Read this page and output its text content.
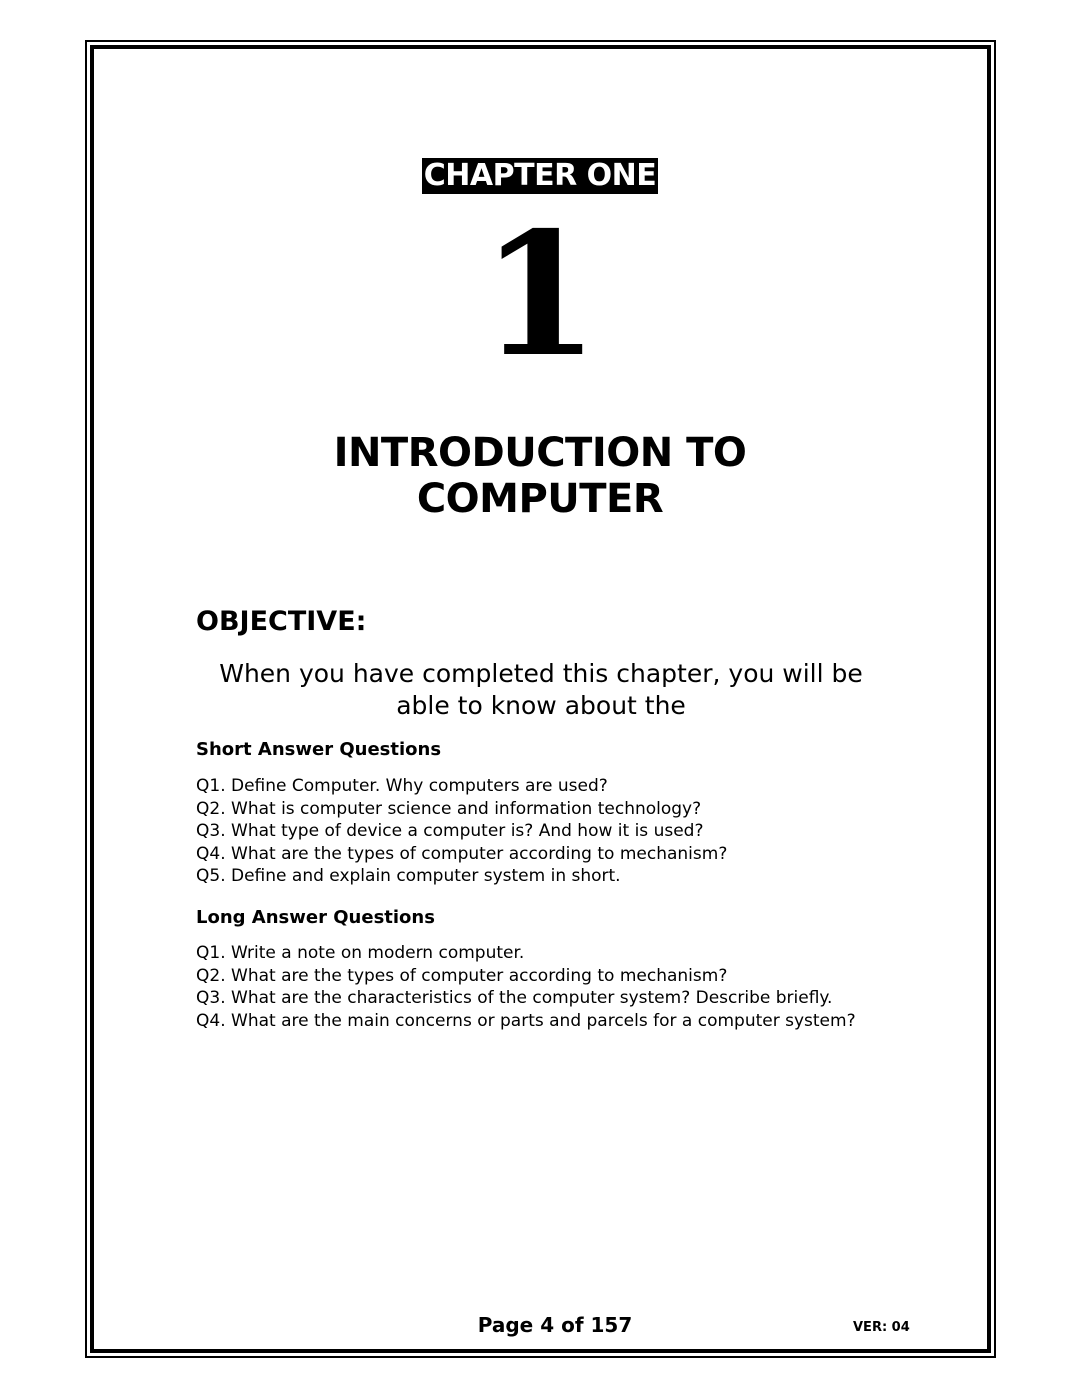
CHAPTER ONE
1
INTRODUCTION TO
COMPUTER
OBJECTIVE:
When you have completed this chapter, you will be
able to know about the
Short Answer Questions
Q1. Define Computer. Why computers are used?
Q2. What is computer science and information technology?
Q3. What type of device a computer is? And how it is used?
Q4. What are the types of computer according to mechanism?
Q5. Define and explain computer system in short.
Long Answer Questions
Q1. Write a note on modern computer.
Q2. What are the types of computer according to mechanism?
Q3. What are the characteristics of the computer system? Describe briefly.
Q4. What are the main concerns or parts and parcels for a computer system?
Page 4 of 157	VER: 04
